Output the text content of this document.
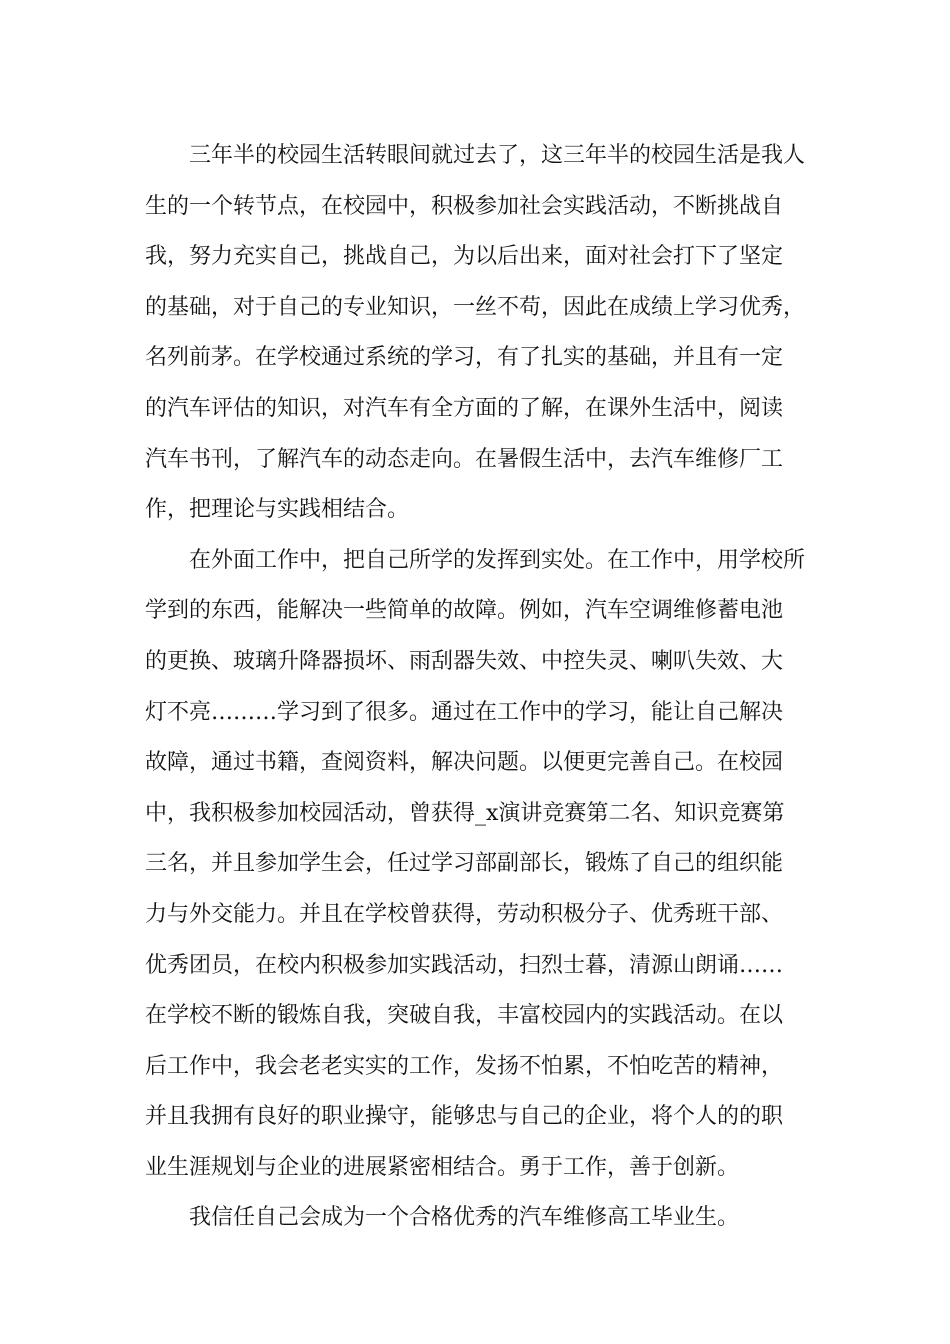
　　三年半的校园生活转眼间就过去了，这三年半的校园生活是我人
生的一个转节点，在校园中，积极参加社会实践活动，不断挑战自
我，努力充实自己，挑战自己，为以后出来，面对社会打下了坚定
的基础，对于自己的专业知识，一丝不苟，因此在成绩上学习优秀，
名列前茅。在学校通过系统的学习，有了扎实的基础，并且有一定
的汽车评估的知识，对汽车有全方面的了解，在课外生活中，阅读
汽车书刊，了解汽车的动态走向。在暑假生活中，去汽车维修厂工
作，把理论与实践相结合。

　　在外面工作中，把自己所学的发挥到实处。在工作中，用学校所
学到的东西，能解决一些简单的故障。例如，汽车空调维修蓄电池
的更换、玻璃升降器损坏、雨刮器失效、中控失灵、喇叭失效、大
灯不亮………学习到了很多。通过在工作中的学习，能让自己解决
故障，通过书籍，查阅资料，解决问题。以便更完善自己。在校园
中，我积极参加校园活动，曾获得_x演讲竞赛第二名、知识竞赛第
三名，并且参加学生会，任过学习部副部长，锻炼了自己的组织能
力与外交能力。并且在学校曾获得，劳动积极分子、优秀班干部、
优秀团员，在校内积极参加实践活动，扫烈士暮，清源山朗诵……
在学校不断的锻炼自我，突破自我，丰富校园内的实践活动。在以
后工作中，我会老老实实的工作，发扬不怕累，不怕吃苦的精神，
并且我拥有良好的职业操守，能够忠与自己的企业，将个人的的职
业生涯规划与企业的进展紧密相结合。勇于工作，善于创新。

　　我信任自己会成为一个合格优秀的汽车维修高工毕业生。
